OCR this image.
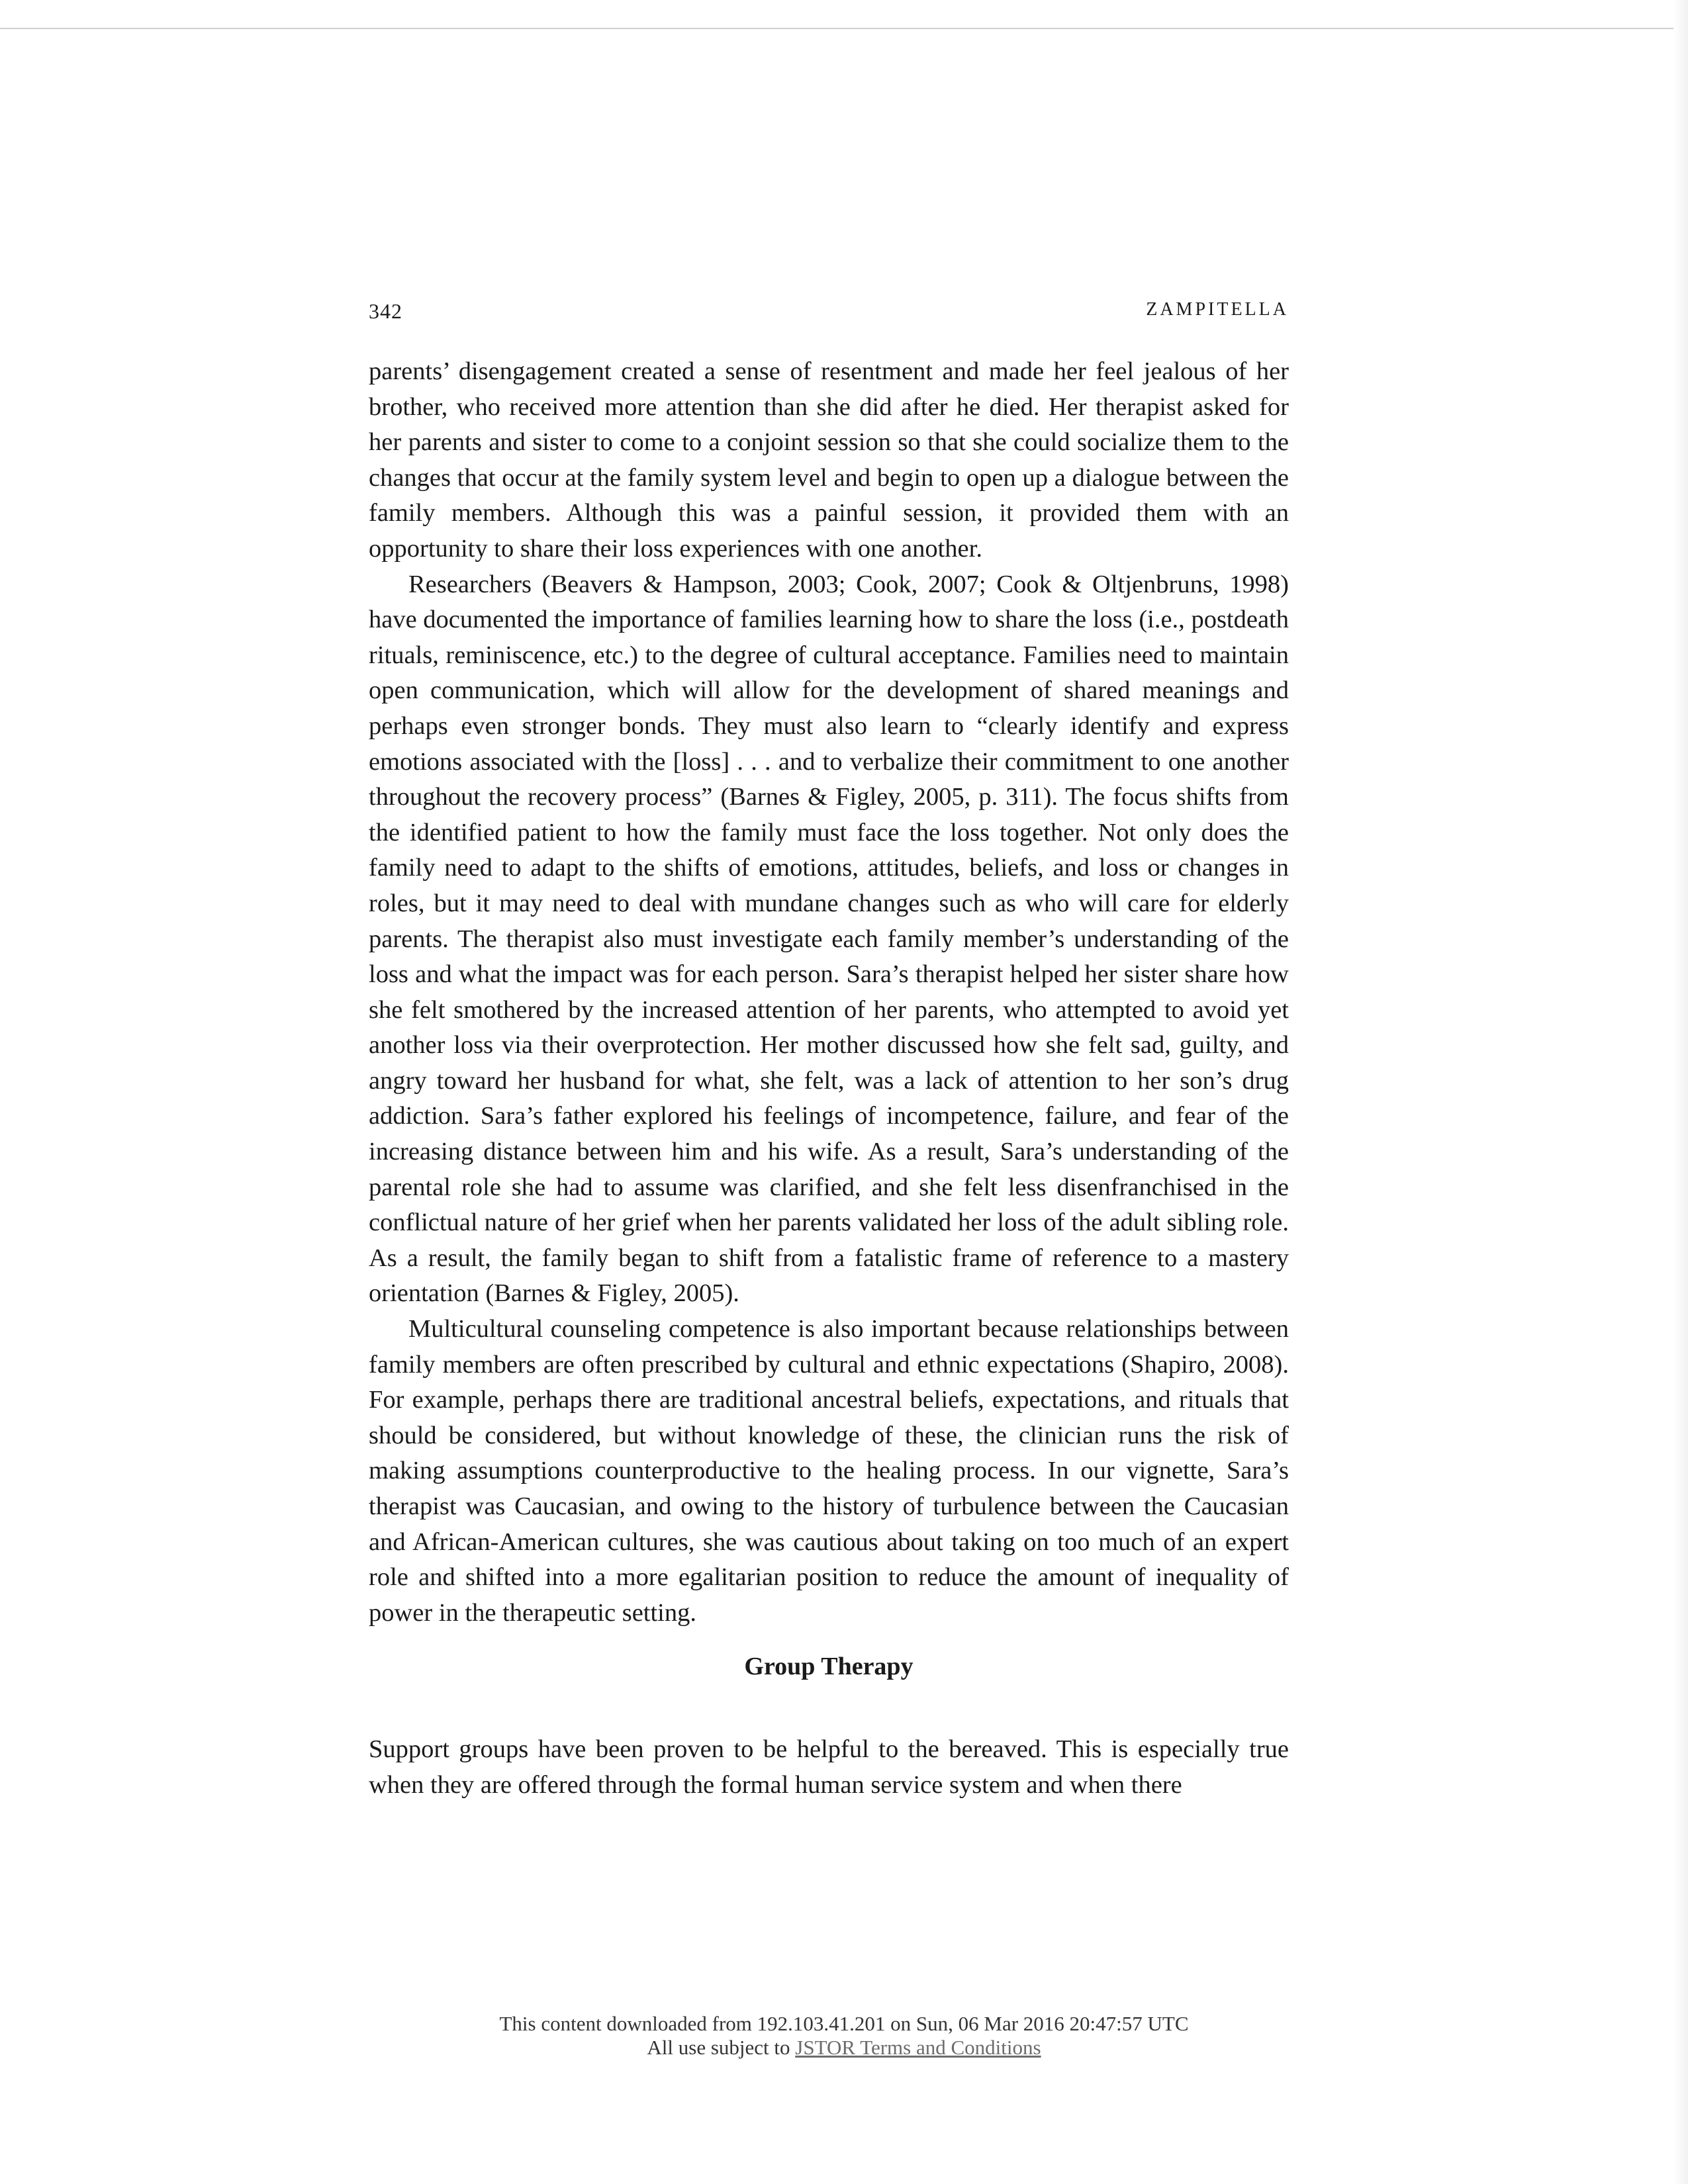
342	ZAMPITELLA

parents’ disengagement created a sense of resentment and made her feel jealous of her brother, who received more attention than she did after he died. Her therapist asked for her parents and sister to come to a conjoint session so that she could socialize them to the changes that occur at the family system level and begin to open up a dialogue between the family members. Although this was a painful session, it provided them with an opportunity to share their loss experiences with one another.

Researchers (Beavers & Hampson, 2003; Cook, 2007; Cook & Oltjenbruns, 1998) have documented the importance of families learning how to share the loss (i.e., postdeath rituals, reminiscence, etc.) to the degree of cultural acceptance. Families need to maintain open communication, which will allow for the development of shared meanings and perhaps even stronger bonds. They must also learn to “clearly identify and express emotions associated with the [loss] . . . and to verbalize their commitment to one another throughout the recovery process” (Barnes & Figley, 2005, p. 311). The focus shifts from the identified patient to how the family must face the loss together. Not only does the family need to adapt to the shifts of emotions, attitudes, beliefs, and loss or changes in roles, but it may need to deal with mundane changes such as who will care for elderly parents. The therapist also must investigate each family member’s understanding of the loss and what the impact was for each person. Sara’s therapist helped her sister share how she felt smothered by the increased attention of her parents, who attempted to avoid yet another loss via their overprotection. Her mother discussed how she felt sad, guilty, and angry toward her husband for what, she felt, was a lack of attention to her son’s drug addiction. Sara’s father explored his feelings of incompetence, failure, and fear of the increasing distance between him and his wife. As a result, Sara’s understanding of the parental role she had to assume was clarified, and she felt less disenfranchised in the conflictual nature of her grief when her parents validated her loss of the adult sibling role. As a result, the family began to shift from a fatalistic frame of reference to a mastery orientation (Barnes & Figley, 2005).

Multicultural counseling competence is also important because relationships between family members are often prescribed by cultural and ethnic expectations (Shapiro, 2008). For example, perhaps there are traditional ancestral beliefs, expectations, and rituals that should be considered, but without knowledge of these, the clinician runs the risk of making assumptions counterproductive to the healing process. In our vignette, Sara’s therapist was Caucasian, and owing to the history of turbulence between the Caucasian and African-American cultures, she was cautious about taking on too much of an expert role and shifted into a more egalitarian position to reduce the amount of inequality of power in the therapeutic setting.

Group Therapy

Support groups have been proven to be helpful to the bereaved. This is especially true when they are offered through the formal human service system and when there

This content downloaded from 192.103.41.201 on Sun, 06 Mar 2016 20:47:57 UTC
All use subject to JSTOR Terms and Conditions
